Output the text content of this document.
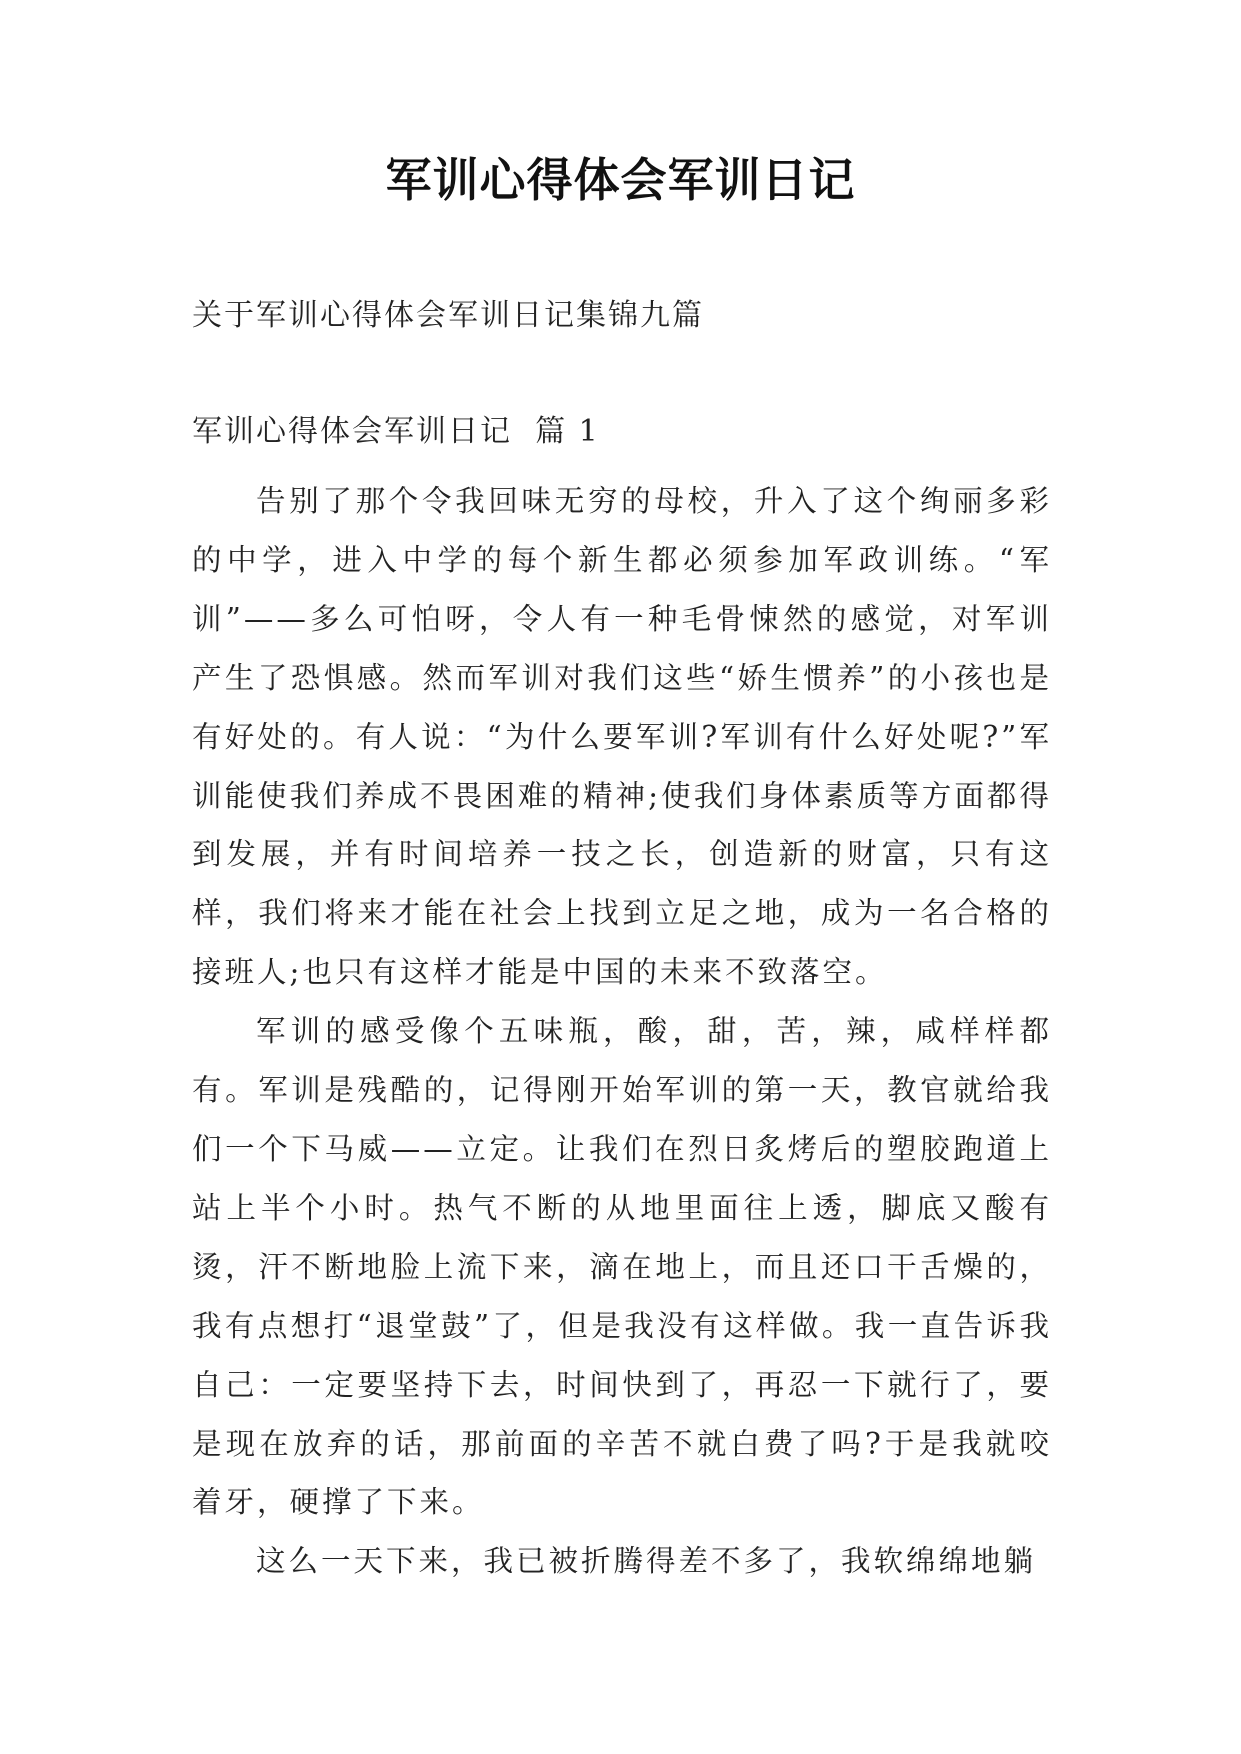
军训心得体会军训日记

关于军训心得体会军训日记集锦九篇

军训心得体会军训日记  篇 1

告别了那个令我回味无穷的母校，升入了这个绚丽多彩的中学，进入中学的每个新生都必须参加军政训练。“军训”——多么可怕呀，令人有一种毛骨悚然的感觉，对军训产生了恐惧感。然而军训对我们这些“娇生惯养”的小孩也是有好处的。有人说：“为什么要军训?军训有什么好处呢?”军训能使我们养成不畏困难的精神;使我们身体素质等方面都得到发展，并有时间培养一技之长，创造新的财富，只有这样，我们将来才能在社会上找到立足之地，成为一名合格的接班人;也只有这样才能是中国的未来不致落空。

军训的感受像个五味瓶，酸，甜，苦，辣，咸样样都有。军训是残酷的，记得刚开始军训的第一天，教官就给我们一个下马威——立定。让我们在烈日炙烤后的塑胶跑道上站上半个小时。热气不断的从地里面往上透，脚底又酸有烫，汗不断地脸上流下来，滴在地上，而且还口干舌燥的，我有点想打“退堂鼓”了，但是我没有这样做。我一直告诉我自己：一定要坚持下去，时间快到了，再忍一下就行了，要是现在放弃的话，那前面的辛苦不就白费了吗?于是我就咬着牙，硬撑了下来。

这么一天下来，我已被折腾得差不多了，我软绵绵地躺
